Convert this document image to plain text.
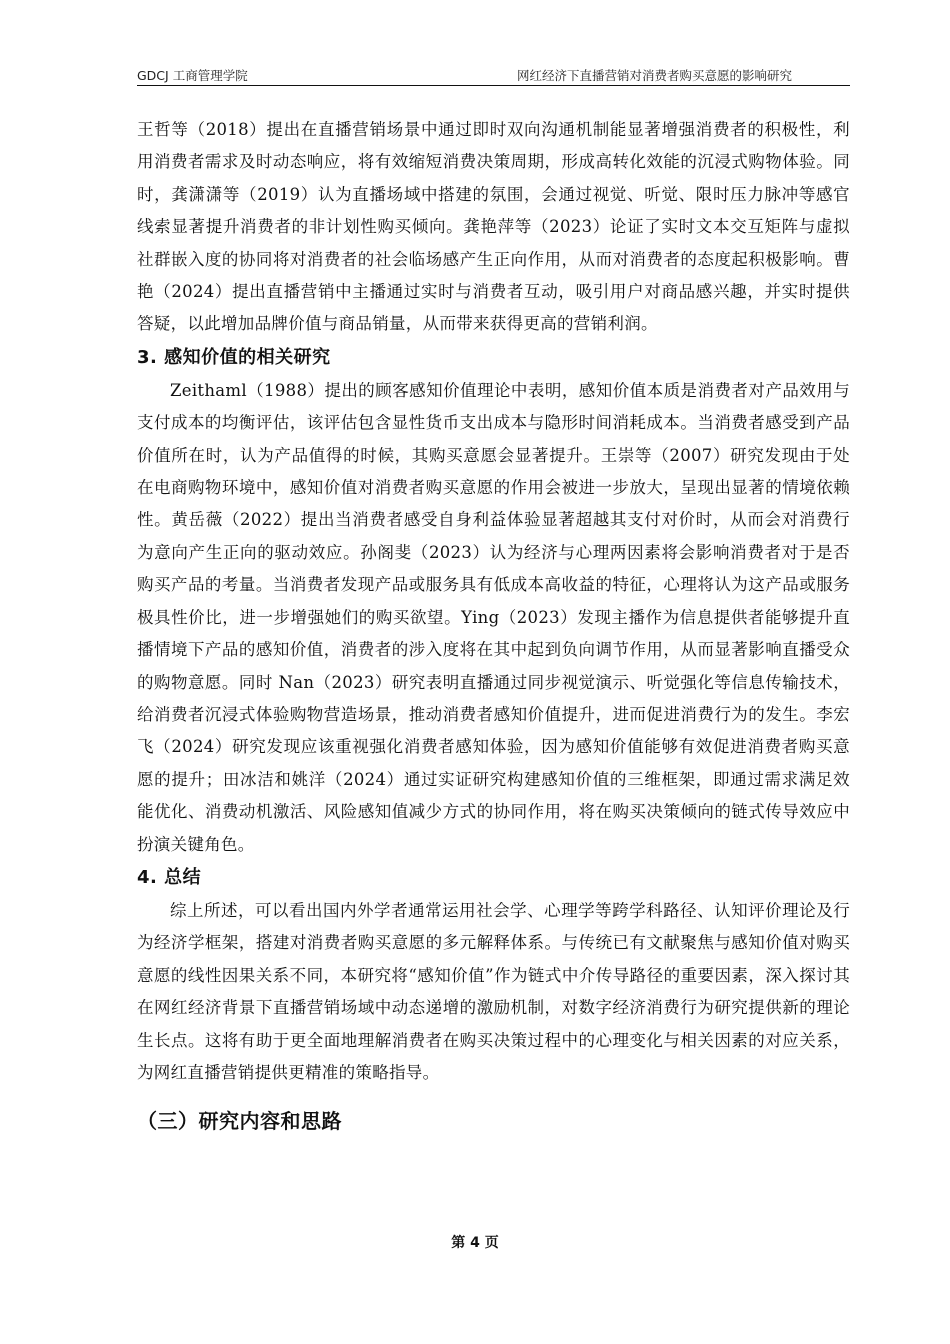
GDCJ 工商管理学院	网红经济下直播营销对消费者购买意愿的影响研究

王哲等（2018）提出在直播营销场景中通过即时双向沟通机制能显著增强消费者的积极性，利用消费者需求及时动态响应，将有效缩短消费决策周期，形成高转化效能的沉浸式购物体验。同时，龚潇潇等（2019）认为直播场域中搭建的氛围，会通过视觉、听觉、限时压力脉冲等感官线索显著提升消费者的非计划性购买倾向。龚艳萍等（2023）论证了实时文本交互矩阵与虚拟社群嵌入度的协同将对消费者的社会临场感产生正向作用，从而对消费者的态度起积极影响。曹艳（2024）提出直播营销中主播通过实时与消费者互动，吸引用户对商品感兴趣，并实时提供答疑，以此增加品牌价值与商品销量，从而带来获得更高的营销利润。

3. 感知价值的相关研究

Zeithaml（1988）提出的顾客感知价值理论中表明，感知价值本质是消费者对产品效用与支付成本的均衡评估，该评估包含显性货币支出成本与隐形时间消耗成本。当消费者感受到产品价值所在时，认为产品值得的时候，其购买意愿会显著提升。王崇等（2007）研究发现由于处在电商购物环境中，感知价值对消费者购买意愿的作用会被进一步放大，呈现出显著的情境依赖性。黄岳薇（2022）提出当消费者感受自身利益体验显著超越其支付对价时，从而会对消费行为意向产生正向的驱动效应。孙阁斐（2023）认为经济与心理两因素将会影响消费者对于是否购买产品的考量。当消费者发现产品或服务具有低成本高收益的特征，心理将认为这产品或服务极具性价比，进一步增强她们的购买欲望。Ying（2023）发现主播作为信息提供者能够提升直播情境下产品的感知价值，消费者的涉入度将在其中起到负向调节作用，从而显著影响直播受众的购物意愿。同时 Nan（2023）研究表明直播通过同步视觉演示、听觉强化等信息传输技术，给消费者沉浸式体验购物营造场景，推动消费者感知价值提升，进而促进消费行为的发生。李宏飞（2024）研究发现应该重视强化消费者感知体验，因为感知价值能够有效促进消费者购买意愿的提升；田冰洁和姚洋（2024）通过实证研究构建感知价值的三维框架，即通过需求满足效能优化、消费动机激活、风险感知值减少方式的协同作用，将在购买决策倾向的链式传导效应中扮演关键角色。

4. 总结

综上所述，可以看出国内外学者通常运用社会学、心理学等跨学科路径、认知评价理论及行为经济学框架，搭建对消费者购买意愿的多元解释体系。与传统已有文献聚焦与感知价值对购买意愿的线性因果关系不同，本研究将“感知价值”作为链式中介传导路径的重要因素，深入探讨其在网红经济背景下直播营销场域中动态递增的激励机制，对数字经济消费行为研究提供新的理论生长点。这将有助于更全面地理解消费者在购买决策过程中的心理变化与相关因素的对应关系，为网红直播营销提供更精准的策略指导。

（三）研究内容和思路
第 4 页
